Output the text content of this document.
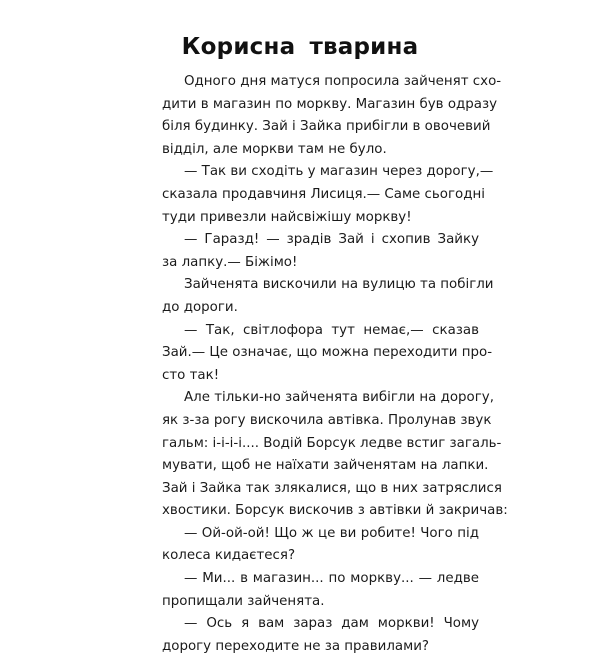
Корисна тварина
Одного дня матуся попросила зайченят схо-
дити в магазин по моркву. Магазин був одразу
біля будинку. Зай і Зайка прибігли в овочевий
відділ, але моркви там не було.
— Так ви сходіть у магазин через дорогу,—
сказала продавчиня Лисиця.— Саме сьогодні
туди привезли найсвіжішу моркву!
— Гаразд! — зрадів Зай і схопив Зайку
за лапку.— Біжімо!
Зайченята вискочили на вулицю та побігли
до дороги.
— Так, світлофора тут немає,— сказав
Зай.— Це означає, що можна переходити про-
сто так!
Але тільки-но зайченята вибігли на дорогу,
як з-за рогу вискочила автівка. Пролунав звук
гальм: і-і-і-і.... Водій Борсук ледве встиг загаль-
мувати, щоб не наїхати зайченятам на лапки.
Зай і Зайка так злякалися, що в них затряслися
хвостики. Борсук вискочив з автівки й закричав:
— Ой-ой-ой! Що ж це ви робите! Чого під
колеса кидаєтеся?
— Ми... в магазин... по моркву... — ледве
пропищали зайченята.
— Ось я вам зараз дам моркви! Чому
дорогу переходите не за правилами?
